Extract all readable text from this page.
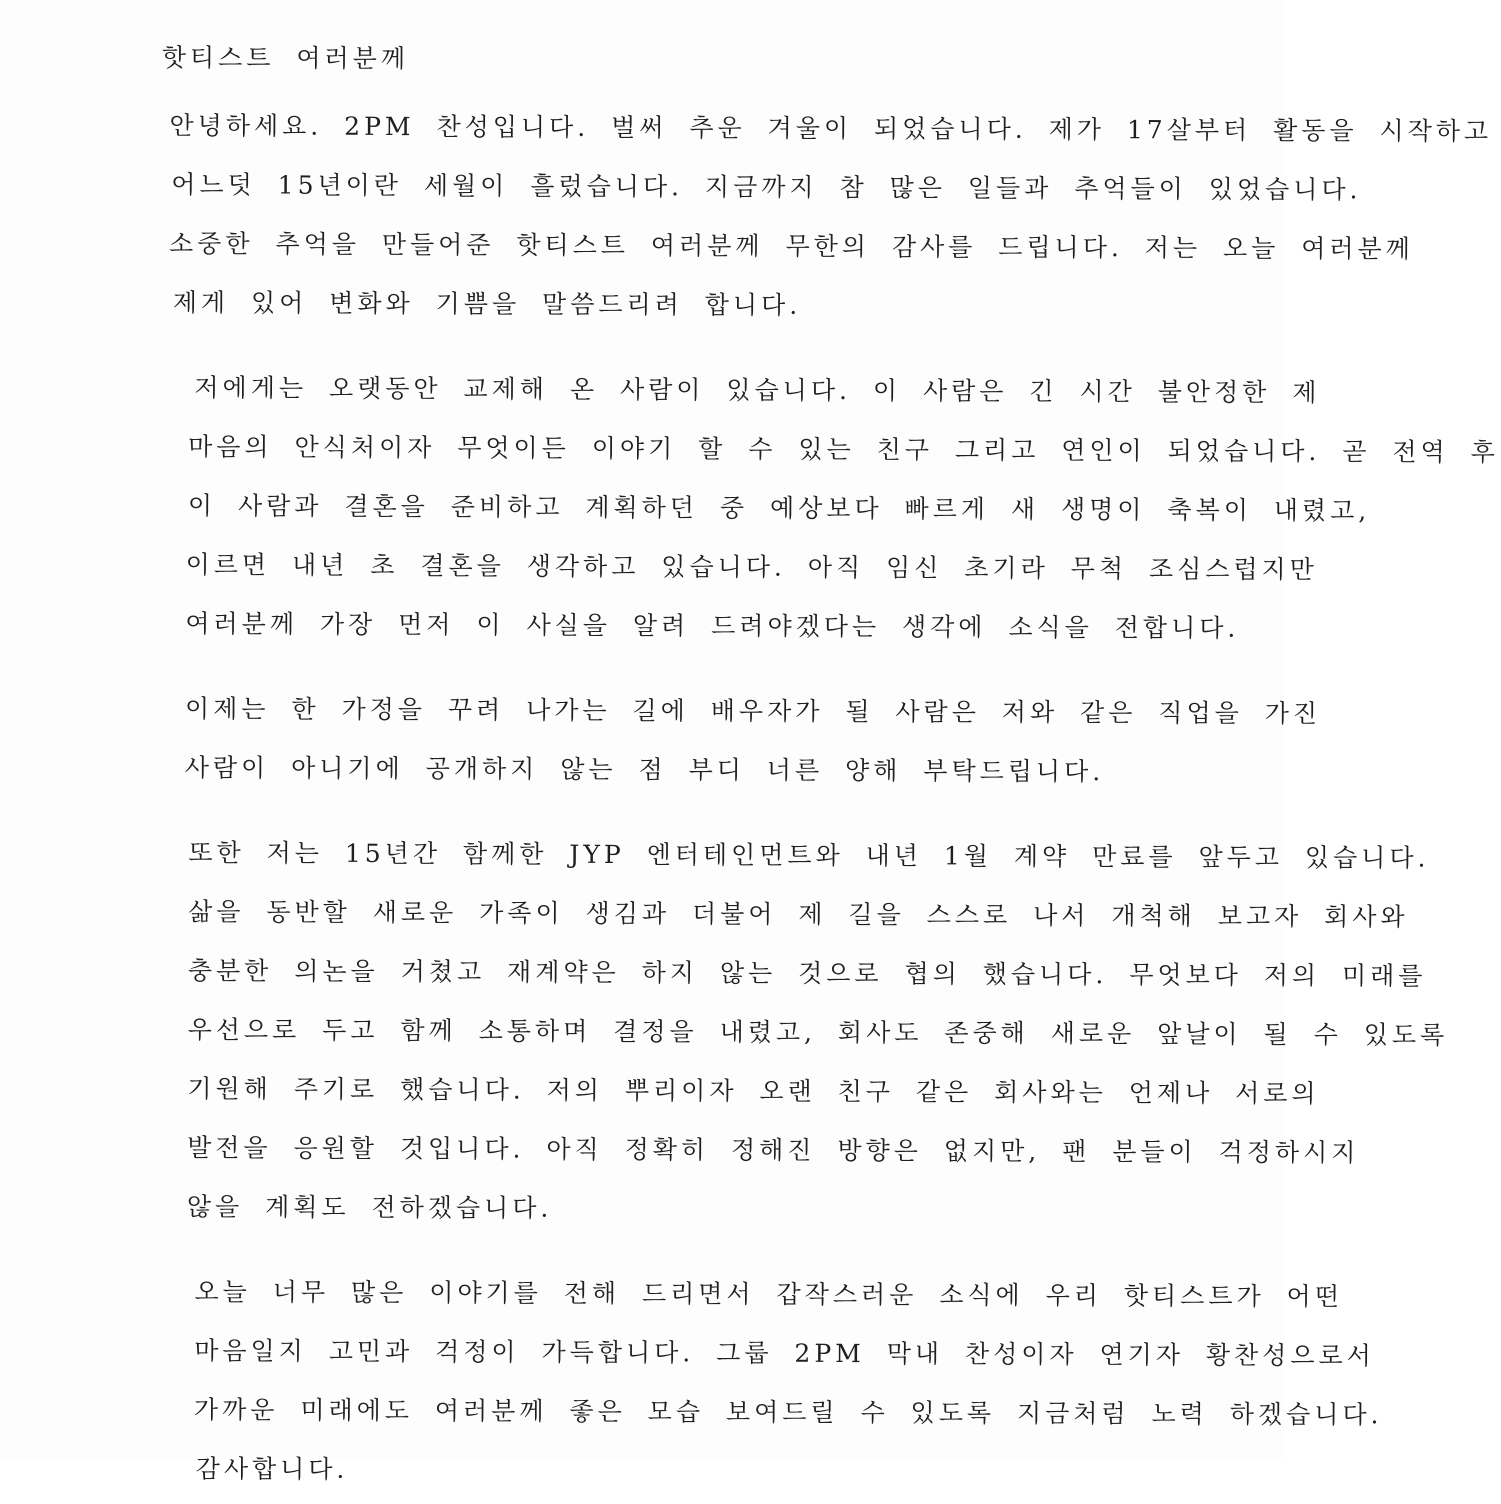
핫티스트 여러분께
안녕하세요. 2PM 찬성입니다. 벌써 추운 겨울이 되었습니다. 제가 17살부터 활동을 시작하고
어느덧 15년이란 세월이 흘렀습니다. 지금까지 참 많은 일들과 추억들이 있었습니다.
소중한 추억을 만들어준 핫티스트 여러분께 무한의 감사를 드립니다. 저는 오늘 여러분께
제게 있어 변화와 기쁨을 말씀드리려 합니다.
저에게는 오랫동안 교제해 온 사람이 있습니다. 이 사람은 긴 시간 불안정한 제
마음의 안식처이자 무엇이든 이야기 할 수 있는 친구 그리고 연인이 되었습니다. 곧 전역 후
이 사람과 결혼을 준비하고 계획하던 중 예상보다 빠르게 새 생명이 축복이 내렸고,
이르면 내년 초 결혼을 생각하고 있습니다. 아직 임신 초기라 무척 조심스럽지만
여러분께 가장 먼저 이 사실을 알려 드려야겠다는 생각에 소식을 전합니다.
이제는 한 가정을 꾸려 나가는 길에 배우자가 될 사람은 저와 같은 직업을 가진
사람이 아니기에 공개하지 않는 점 부디 너른 양해 부탁드립니다.
또한 저는 15년간 함께한 JYP 엔터테인먼트와 내년 1월 계약 만료를 앞두고 있습니다.
삶을 동반할 새로운 가족이 생김과 더불어 제 길을 스스로 나서 개척해 보고자 회사와
충분한 의논을 거쳤고 재계약은 하지 않는 것으로 협의 했습니다. 무엇보다 저의 미래를
우선으로 두고 함께 소통하며 결정을 내렸고, 회사도 존중해 새로운 앞날이 될 수 있도록
기원해 주기로 했습니다. 저의 뿌리이자 오랜 친구 같은 회사와는 언제나 서로의
발전을 응원할 것입니다. 아직 정확히 정해진 방향은 없지만, 팬 분들이 걱정하시지
않을 계획도 전하겠습니다.
오늘 너무 많은 이야기를 전해 드리면서 갑작스러운 소식에 우리 핫티스트가 어떤
마음일지 고민과 걱정이 가득합니다. 그룹 2PM 막내 찬성이자 연기자 황찬성으로서
가까운 미래에도 여러분께 좋은 모습 보여드릴 수 있도록 지금처럼 노력 하겠습니다.
감사합니다.
